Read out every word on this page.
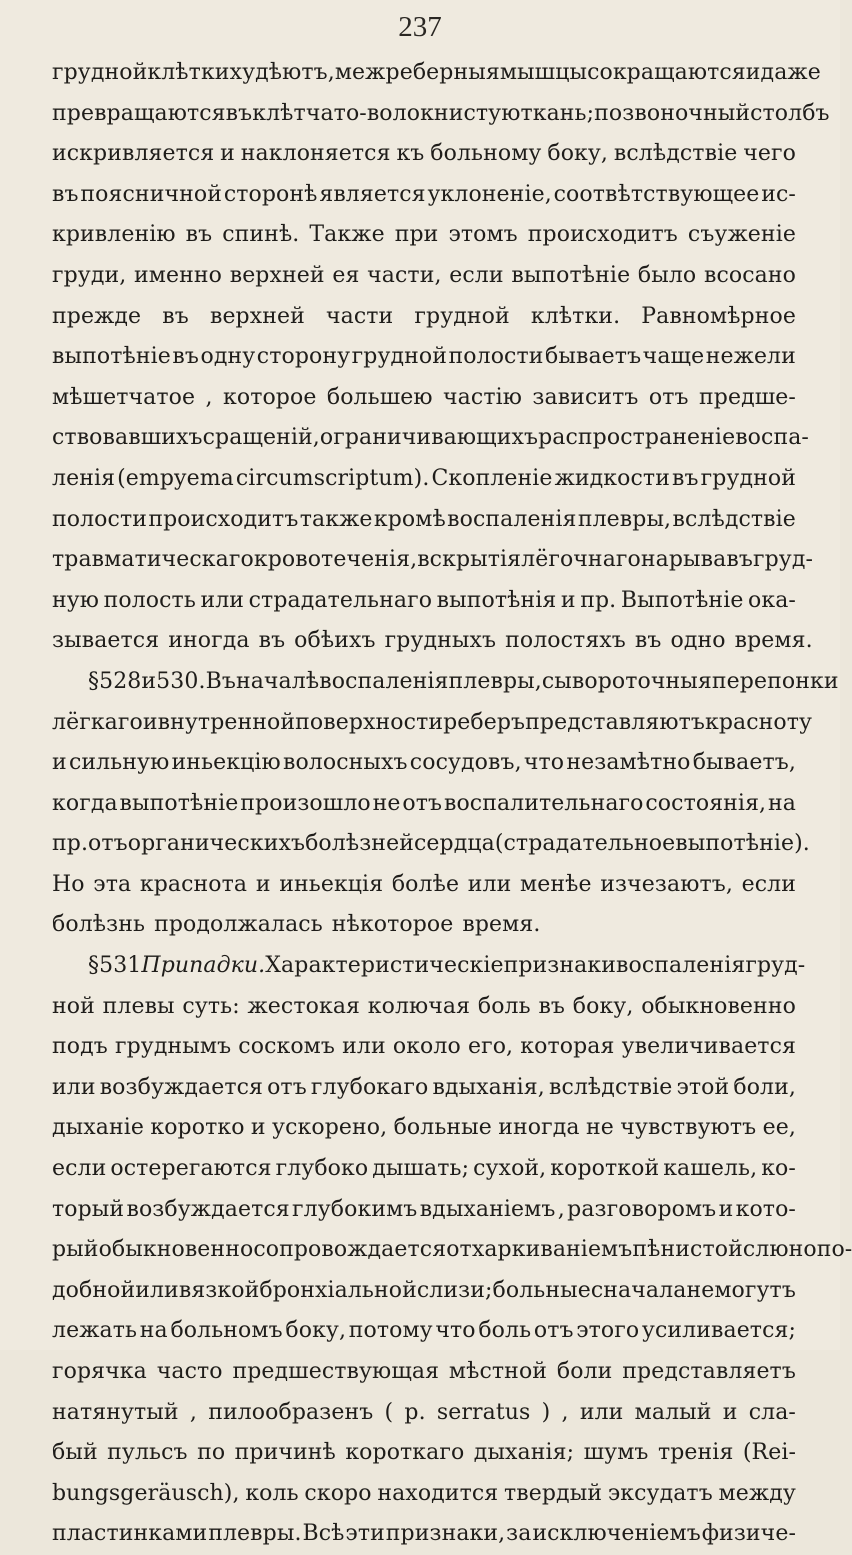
237
грудной клѣтки худѣютъ, межреберныя мышцы сокращаются и даже
превращаются въ клѣтчато-волокнистую ткань; позвоночный столбъ
искривляется и наклоняется къ больному боку, вслѣдствіе чего
въ поясничной сторонѣ является уклоненіе, соотвѣтствующее ис-
кривленію въ спинѣ. Также при этомъ происходитъ съуженіе
груди, именно верхней ея части, если выпотѣніе было всосано
прежде въ верхней части грудной клѣтки. Равномѣрное
выпотѣніе въ одну сторону грудной полости бываетъ чаще нежели
мѣшетчатое , которое большею частію зависитъ отъ предше-
ствовавшихъ сращеній, ограничивающихъ распространеніе воспа-
ленія (empyema circumscriptum). Скопленіе жидкости въ грудной
полости происходитъ также кромѣ воспаленія плевры, вслѣдствіе
травматическаго кровотеченія, вскрытія лёгочнаго нарыва въ груд-
ную полость или страдательнаго выпотѣнія и пр. Выпотѣніе ока-
зывается иногда въ обѣихъ грудныхъ полостяхъ въ одно время.
§ 528 и 530. Въ началѣ воспаленія плевры, сывороточныя перепонки
лёгкаго и внутренной поверхности реберъ представляютъ красноту
и сильную иньекцію волосныхъ сосудовъ, что незамѣтно бываетъ,
когда выпотѣніе произошло не отъ воспалительнаго состоянія, на
пр. отъ органическихъ болѣзней сердца (страдательное выпотѣніе).
Но эта краснота и иньекція болѣе или менѣе изчезаютъ, если
болѣзнь продолжалась нѣкоторое время.
§ 531 Припадки. Характеристическіе признаки воспаленія груд-
ной плевы суть: жестокая колючая боль въ боку, обыкновенно
подъ груднымъ соскомъ или около его, которая увеличивается
или возбуждается отъ глубокаго вдыханія, вслѣдствіе этой боли,
дыханіе коротко и ускорено, больные иногда не чувствуютъ ее,
если остерегаются глубоко дышать; сухой, короткой кашель, ко-
торый возбуждается глубокимъ вдыханіемъ , разговоромъ и кото-
рый обыкновенно сопровождается отхаркиваніемъ пѣнистой слюнопо-
добной или вязкой бронхіальной слизи; больные сначала не могутъ
лежать на больномъ боку, потому что боль отъ этого усиливается;
горячка часто предшествующая мѣстной боли представляетъ
натянутый , пилообразенъ ( p. serratus ) , или малый и сла-
бый пульсъ по причинѣ короткаго дыханія; шумъ тренія (Rei-
bungsgeräusch), коль скоро находится твердый эксудатъ между
пластинками плевры. Всѣ эти признаки, за исключеніемъ физиче-
